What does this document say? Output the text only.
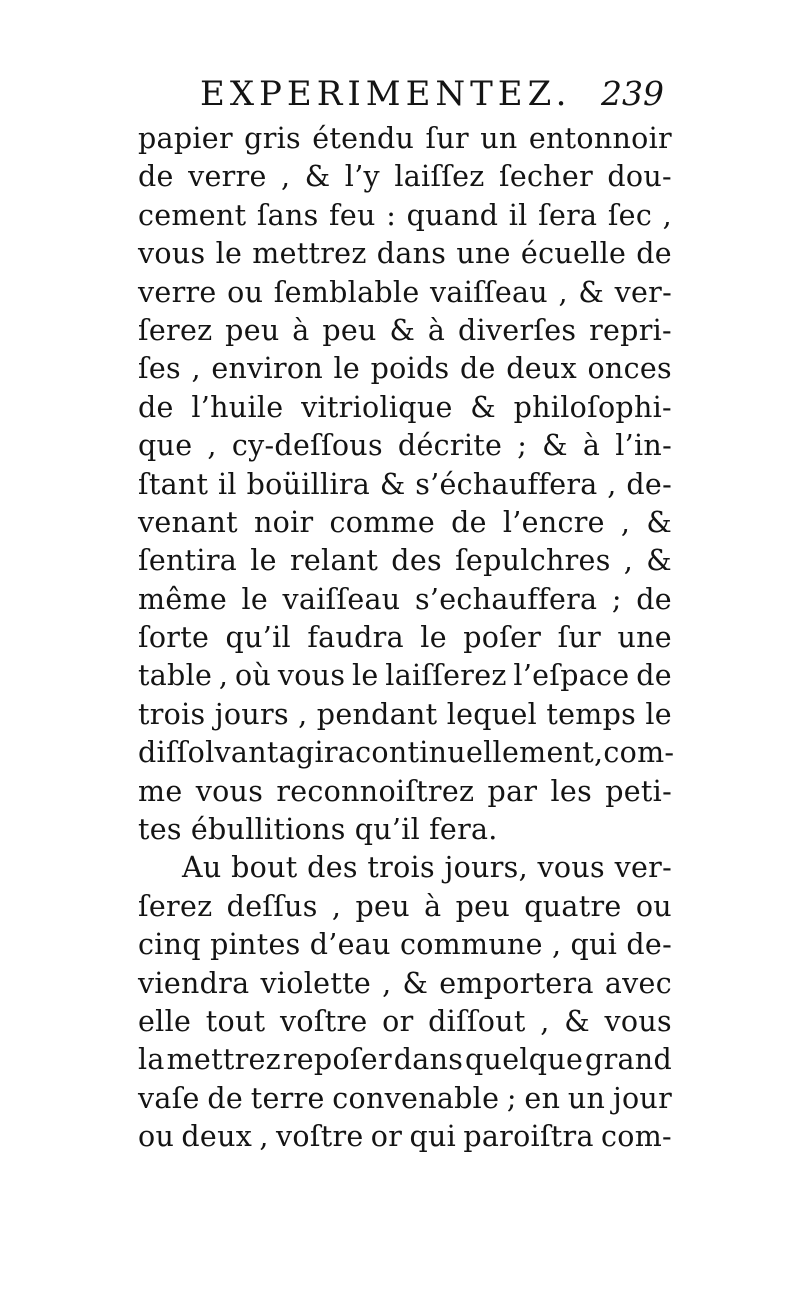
EXPERIMENTEZ. 239
papier gris étendu ſur un entonnoir
de verre , & l’y laiſſez ſecher dou-
cement ſans feu : quand il ſera ſec ,
vous le mettrez dans une écuelle de
verre ou ſemblable vaiſſeau , & ver-
ſerez peu à peu & à diverſes repri-
ſes , environ le poids de deux onces
de l’huile vitriolique & philoſophi-
que , cy-deſſous décrite ; & à l’in-
ſtant il boüillira & s’échauffera , de-
venant noir comme de l’encre , &
ſentira le relant des ſepulchres , &
même le vaiſſeau s’echauffera ; de
ſorte qu’il faudra le poſer ſur une
table , où vous le laiſſerez l’eſpace de
trois jours , pendant lequel temps le
diſſolvant agira continuellement,com-
me vous reconnoiſtrez par les peti-
tes ébullitions qu’il fera.
Au bout des trois jours, vous ver-
ſerez deſſus , peu à peu quatre ou
cinq pintes d’eau commune , qui de-
viendra violette , & emportera avec
elle tout voſtre or diſſout , & vous
la mettrez repoſer dans quelque grand
vaſe de terre convenable ; en un jour
ou deux , voſtre or qui paroiſtra com-
